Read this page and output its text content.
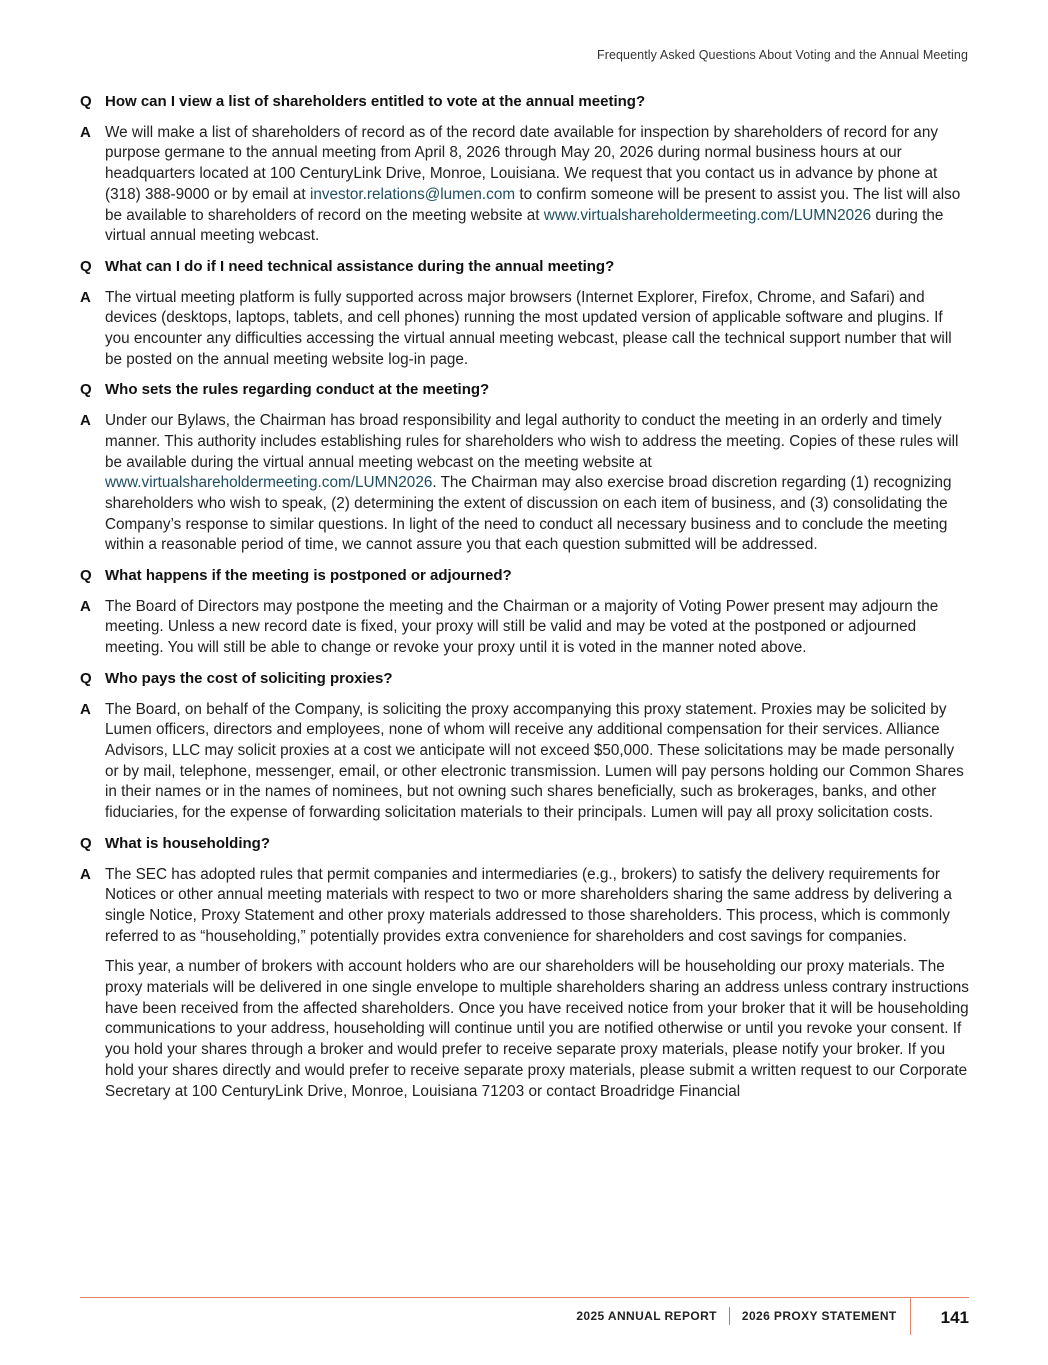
Frequently Asked Questions About Voting and the Annual Meeting
Q How can I view a list of shareholders entitled to vote at the annual meeting?
A We will make a list of shareholders of record as of the record date available for inspection by shareholders of record for any purpose germane to the annual meeting from April 8, 2026 through May 20, 2026 during normal business hours at our headquarters located at 100 CenturyLink Drive, Monroe, Louisiana. We request that you contact us in advance by phone at (318) 388-9000 or by email at investor.relations@lumen.com to confirm someone will be present to assist you. The list will also be available to shareholders of record on the meeting website at www.virtualshareholdermeeting.com/LUMN2026 during the virtual annual meeting webcast.
Q What can I do if I need technical assistance during the annual meeting?
A The virtual meeting platform is fully supported across major browsers (Internet Explorer, Firefox, Chrome, and Safari) and devices (desktops, laptops, tablets, and cell phones) running the most updated version of applicable software and plugins. If you encounter any difficulties accessing the virtual annual meeting webcast, please call the technical support number that will be posted on the annual meeting website log-in page.
Q Who sets the rules regarding conduct at the meeting?
A Under our Bylaws, the Chairman has broad responsibility and legal authority to conduct the meeting in an orderly and timely manner. This authority includes establishing rules for shareholders who wish to address the meeting. Copies of these rules will be available during the virtual annual meeting webcast on the meeting website at www.virtualshareholdermeeting.com/LUMN2026. The Chairman may also exercise broad discretion regarding (1) recognizing shareholders who wish to speak, (2) determining the extent of discussion on each item of business, and (3) consolidating the Company’s response to similar questions. In light of the need to conduct all necessary business and to conclude the meeting within a reasonable period of time, we cannot assure you that each question submitted will be addressed.
Q What happens if the meeting is postponed or adjourned?
A The Board of Directors may postpone the meeting and the Chairman or a majority of Voting Power present may adjourn the meeting. Unless a new record date is fixed, your proxy will still be valid and may be voted at the postponed or adjourned meeting. You will still be able to change or revoke your proxy until it is voted in the manner noted above.
Q Who pays the cost of soliciting proxies?
A The Board, on behalf of the Company, is soliciting the proxy accompanying this proxy statement. Proxies may be solicited by Lumen officers, directors and employees, none of whom will receive any additional compensation for their services. Alliance Advisors, LLC may solicit proxies at a cost we anticipate will not exceed $50,000. These solicitations may be made personally or by mail, telephone, messenger, email, or other electronic transmission. Lumen will pay persons holding our Common Shares in their names or in the names of nominees, but not owning such shares beneficially, such as brokerages, banks, and other fiduciaries, for the expense of forwarding solicitation materials to their principals. Lumen will pay all proxy solicitation costs.
Q What is householding?
A The SEC has adopted rules that permit companies and intermediaries (e.g., brokers) to satisfy the delivery requirements for Notices or other annual meeting materials with respect to two or more shareholders sharing the same address by delivering a single Notice, Proxy Statement and other proxy materials addressed to those shareholders. This process, which is commonly referred to as “householding,” potentially provides extra convenience for shareholders and cost savings for companies.

This year, a number of brokers with account holders who are our shareholders will be householding our proxy materials. The proxy materials will be delivered in one single envelope to multiple shareholders sharing an address unless contrary instructions have been received from the affected shareholders. Once you have received notice from your broker that it will be householding communications to your address, householding will continue until you are notified otherwise or until you revoke your consent. If you hold your shares through a broker and would prefer to receive separate proxy materials, please notify your broker. If you hold your shares directly and would prefer to receive separate proxy materials, please submit a written request to our Corporate Secretary at 100 CenturyLink Drive, Monroe, Louisiana 71203 or contact Broadridge Financial

2025 ANNUAL REPORT 2026 PROXY STATEMENT	141
